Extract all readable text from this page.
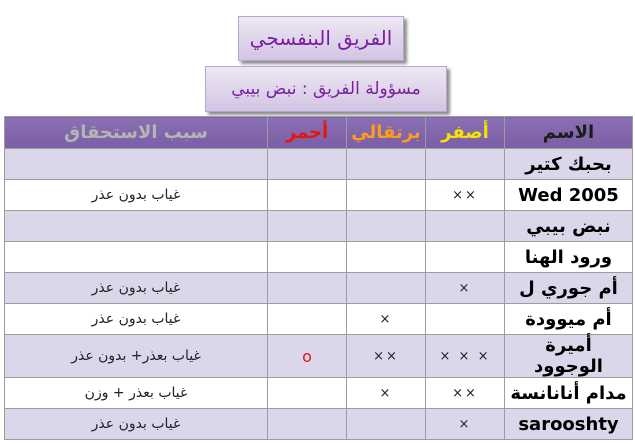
الفريق البنفسجي
مسؤولة الفريق : نبض بيبي
الاسم	أصفر	برتقالي	أحمر	سبب الاستحقاق
بحبك كتير				
Wed 2005	××			غياب بدون عذر
نبض بيبي				
ورود الهنا				
أم جوري ل	×			غياب بدون عذر
أم ميوودة		×		غياب بدون عذر
أميرة الوجوود	× × ×	××	o	غياب بعذر+ بدون عذر
مدام أنانانسة	××	×		غياب بعذر + وزن
sarooshty	×			غياب بدون عذر
